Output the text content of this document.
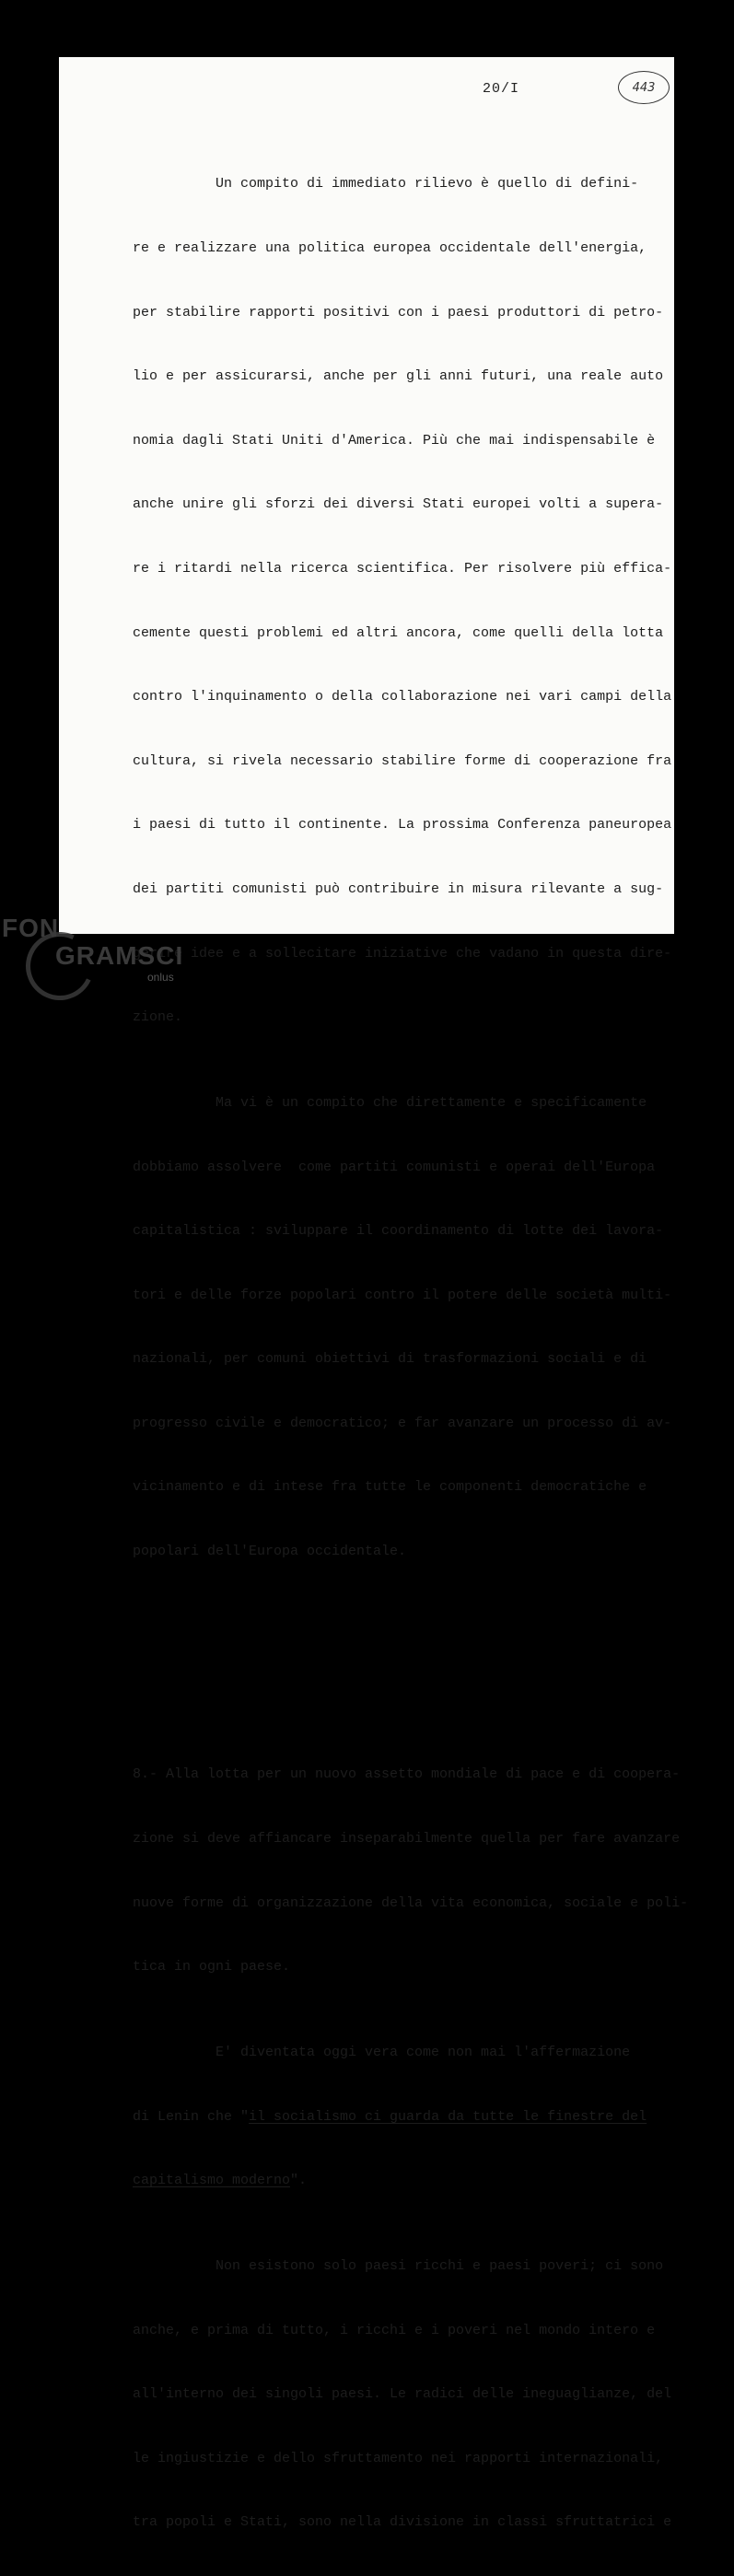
20/I	443

Un compito di immediato rilievo è quello di defini-

re e realizzare una politica europea occidentale dell'energia,

per stabilire rapporti positivi con i paesi produttori di petro-

lio e per assicurarsi, anche per gli anni futuri, una reale auto

nomia dagli Stati Uniti d'America. Più che mai indispensabile è

anche unire gli sforzi dei diversi Stati europei volti a supera-

re i ritardi nella ricerca scientifica. Per risolvere più effica-

cemente questi problemi ed altri ancora, come quelli della lotta

contro l'inquinamento o della collaborazione nei vari campi della

cultura, si rivela necessario stabilire forme di cooperazione fra

i paesi di tutto il continente. La prossima Conferenza paneuropea

dei partiti comunisti può contribuire in misura rilevante a sug-

gerire idee e a sollecitare iniziative che vadano in questa dire-

zione.

Ma vi è un compito che direttamente e specificamente

dobbiamo assolvere  come partiti comunisti e operai dell'Europa

capitalistica : sviluppare il coordinamento di lotte dei lavora-

tori e delle forze popolari contro il potere delle società multi-

nazionali, per comuni obiettivi di trasformazioni sociali e di

progresso civile e democratico; e far avanzare un processo di av-

vicinamento e di intese fra tutte le componenti democratiche e

popolari dell'Europa occidentale.

8.- Alla lotta per un nuovo assetto mondiale di pace e di coopera-

zione si deve affiancare inseparabilmente quella per fare avanzare

nuove forme di organizzazione della vita economica, sociale e poli-

tica in ogni paese.

E' diventata oggi vera come non mai l'affermazione

di Lenin che "il socialismo ci guarda da tutte le finestre del

capitalismo moderno".

Non esistono solo paesi ricchi e paesi poveri; ci sono

anche, e prima di tutto, i ricchi e i poveri nel mondo intero e

all'interno dei singoli paesi. Le radici delle ineguaglianze, del

le ingiustizie e dello sfruttamento nei rapporti internazionali,

tra popoli e Stati, sono nella divisione in classi sfruttatrici e

FON
GRAMSCI
onlus
